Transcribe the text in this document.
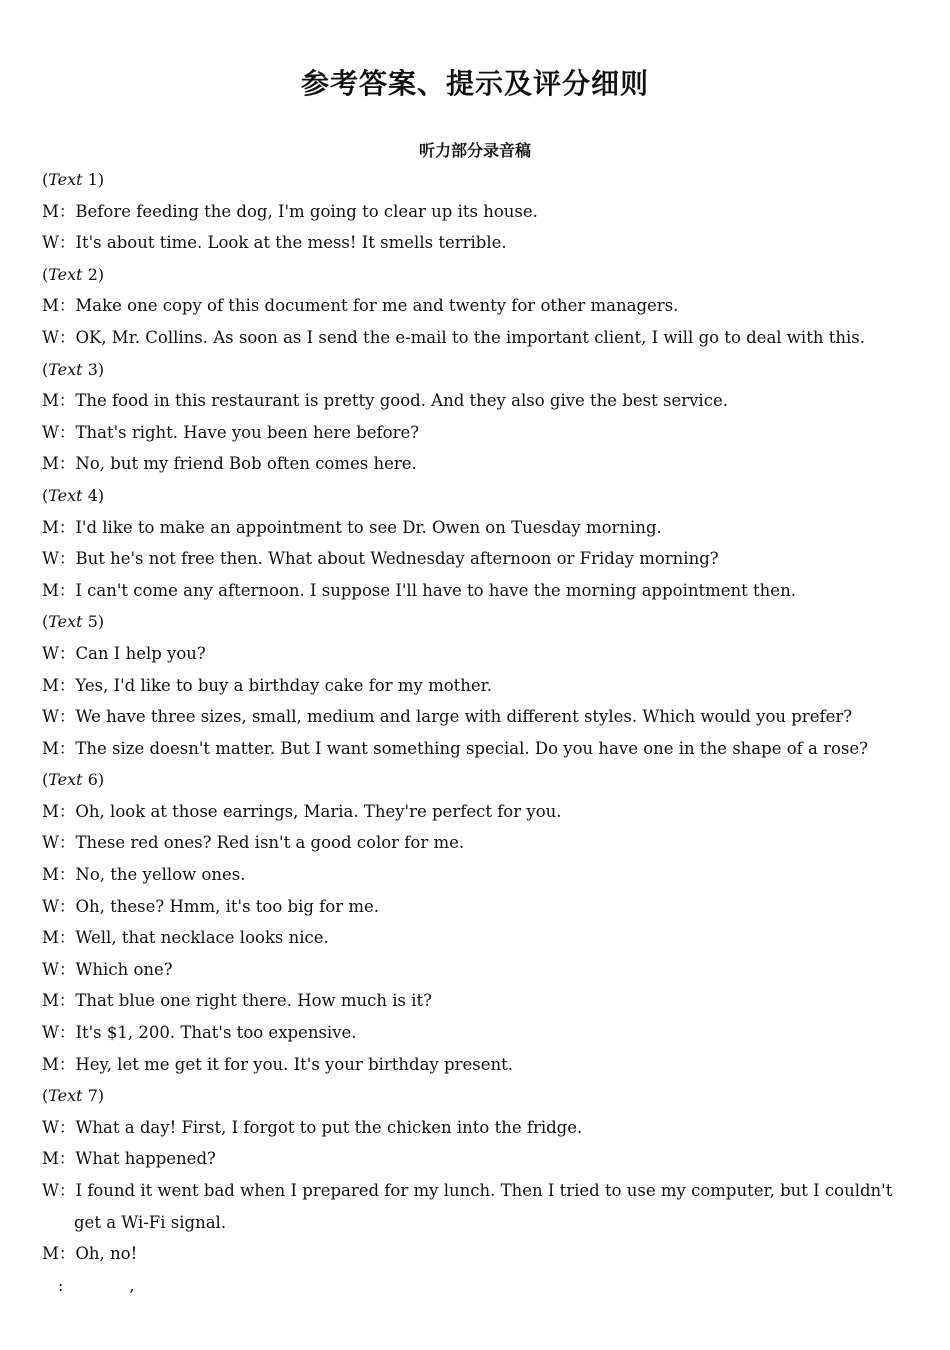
参考答案、提示及评分细则
听力部分录音稿
(Text 1)
M：Before feeding the dog, I'm going to clear up its house.
W：It's about time. Look at the mess! It smells terrible.
(Text 2)
M：Make one copy of this document for me and twenty for other managers.
W：OK, Mr. Collins. As soon as I send the e-mail to the important client, I will go to deal with this.
(Text 3)
M：The food in this restaurant is pretty good. And they also give the best service.
W：That's right. Have you been here before?
M：No, but my friend Bob often comes here.
(Text 4)
M：I'd like to make an appointment to see Dr. Owen on Tuesday morning.
W：But he's not free then. What about Wednesday afternoon or Friday morning?
M：I can't come any afternoon. I suppose I'll have to have the morning appointment then.
(Text 5)
W：Can I help you?
M：Yes, I'd like to buy a birthday cake for my mother.
W：We have three sizes, small, medium and large with different styles. Which would you prefer?
M：The size doesn't matter. But I want something special. Do you have one in the shape of a rose?
(Text 6)
M：Oh, look at those earrings, Maria. They're perfect for you.
W：These red ones? Red isn't a good color for me.
M：No, the yellow ones.
W：Oh, these? Hmm, it's too big for me.
M：Well, that necklace looks nice.
W：Which one?
M：That blue one right there. How much is it?
W：It's $1, 200. That's too expensive.
M：Hey, let me get it for you. It's your birthday present.
(Text 7)
W：What a day! First, I forgot to put the chicken into the fridge.
M：What happened?
W：I found it went bad when I prepared for my lunch. Then I tried to use my computer, but I couldn't get a Wi-Fi signal.
M：Oh, no!
:             ,
